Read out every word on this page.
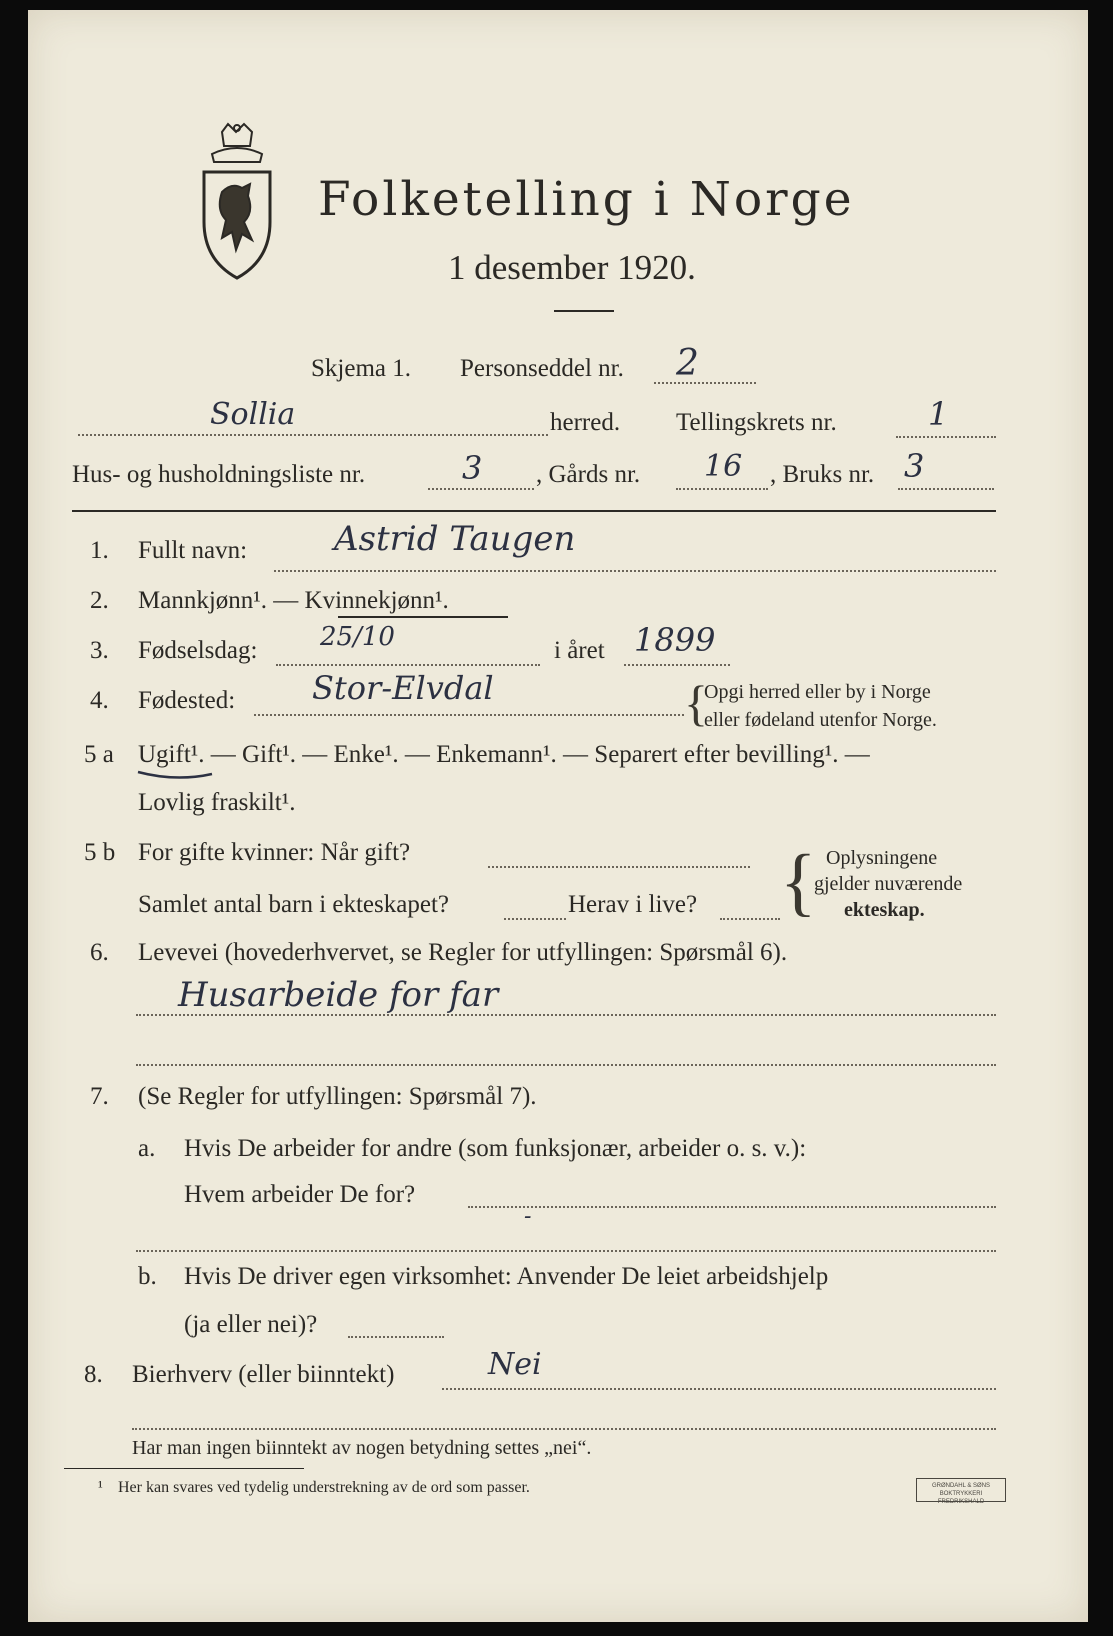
Folketelling i Norge
1 desember 1920.
Skjema 1. Personseddel nr. 2
Sollia	herred. Tellingskrets nr.	1
Hus- og husholdningsliste nr.	3 , Gårds nr. 16 , Bruks nr. 3
1. Fullt navn:	Astrid Taugen
2. Mannkjønn¹. — Kvinnekjønn¹.
3. Fødselsdag: 25/10	i året 1899
4. Fødested: Stor-Elvdal	{
Opgi herred eller by i Norge
eller fødeland utenfor Norge.
5 a Ugift¹. — Gift¹. — Enke¹. — Enkemann¹. — Separert efter bevilling¹. —
Lovlig fraskilt¹.
5 b For gifte kvinner: Når gift?
Samlet antal barn i ekteskapet?	Herav i live? { Oplysningene
gjelder nuværende
ekteskap.
6. Levevei (hovederhvervet, se Regler for utfyllingen: Spørsmål 6).
Husarbeide for far
7. (Se Regler for utfyllingen: Spørsmål 7).
a. Hvis De arbeider for andre (som funksjonær, arbeider o. s. v.):
Hvem arbeider De for?
-
b. Hvis De driver egen virksomhet: Anvender De leiet arbeidshjelp
(ja eller nei)?
8. Bierhverv (eller biinntekt)	Nei
Har man ingen biinntekt av nogen betydning settes „nei“.
¹ Her kan svares ved tydelig understrekning av de ord som passer.	GRØNDAHL & SØNS BOKTRYKKERI
FREDRIKSHALD
